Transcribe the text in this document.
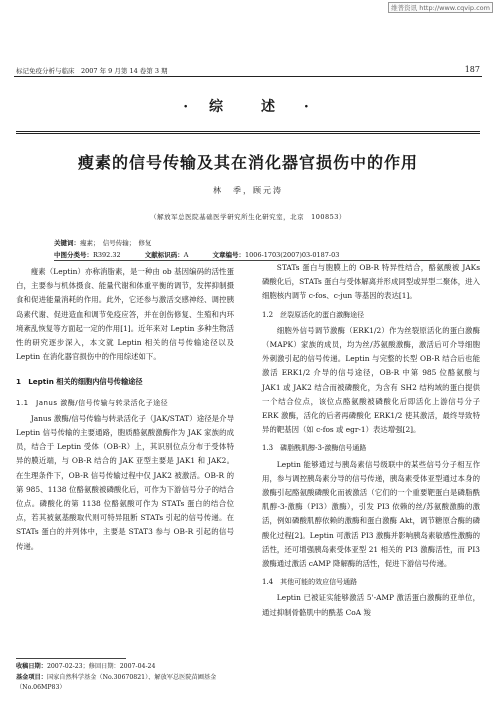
维普资讯 http://www.cqvip.com
标记免疫分析与临床　2007 年 9 月第 14 卷第 3 期	187
· 综　述 ·
瘦素的信号传输及其在消化器官损伤中的作用
林　季，顾元涛
（解放军总医院基础医学研究所生化研究室，北京　100853）
关键词：瘦素；　信号传输；　修复
中图分类号：R392.32	文献标识码：A	文章编号：1006-1703(2007)03-0187-03

瘦素（Leptin）亦称消脂素，是一种由 ob 基因编码的活性蛋白，主要参与机体摄食、能量代谢和体重平衡的调节，发挥抑制摄食和促进能量消耗的作用。此外，它还参与激活交感神经、调控胰岛素代谢、促进造血和调节免疫应答，并在创伤修复、生殖和内环境紊乱恢复等方面起一定的作用[1]。近年来对 Leptin 多种生物活性的研究逐步深入，本文就 Leptin 相关的信号传输途径以及 Leptin 在消化器官损伤中的作用综述如下。

1　Leptin 相关的细胞内信号传输途径

1.1　Janus 激酶/信号传输与转录活化子途径

Janus 激酶/信号传输与转录活化子（JAK/STAT）途径是介导 Leptin 信号传输的主要通路，胞质酪氨酸激酶作为 JAK 家族的成员，结合于 Leptin 受体（OB-R）上，其识别位点分布于受体特异的膜近端，与 OB-R 结合的 JAK 亚型主要是 JAK1 和 JAK2。在生理条件下，OB-R 信号传输过程中仅 JAK2 被激活。OB-R 的第 985、1138 位酪氨酸被磷酸化后，可作为下游信号分子的结合位点。磷酸化的第 1138 位酪氨酸可作为 STATs 蛋白的结合位点，若其被氨基酸取代则可特异阻断 STATs 引起的信号传递。在 STATs 蛋白的并列体中，主要是 STAT3 参与 OB-R 引起的信号传递。

STATs 蛋白与胞膜上的 OB-R 特异性结合，酪氨酸被 JAKs 磷酸化后，STATs 蛋白与受体解离并形成同型或异型二聚体，进入细胞核内调节 c-fos、c-jun 等基因的表达[1]。

1.2　丝裂原活化的蛋白激酶途径

细胞外信号调节激酶（ERK1/2）作为丝裂原活化的蛋白激酶（MAPK）家族的成员，均为丝/苏氨酸激酶，激活后可介导细胞外刺激引起的信号传递。Leptin 与完整的长型 OB-R 结合后也能激活 ERK1/2 介导的信号途径，OB-R 中第 985 位酪氨酸与 JAK1 或 JAK2 结合而被磷酸化，为含有 SH2 结构域的蛋白提供一个结合位点，该位点酪氨酸被磷酸化后即活化上游信号分子 ERK 激酶，活化的后者再磷酸化 ERK1/2 使其激活，最终导致特异的靶基因（如 c-fos 或 egr-1）表达增强[2]。

1.3　磷脂酰肌醇-3-激酶信号通路

Leptin 能够通过与胰岛素信号级联中的某些信号分子相互作用，参与调控胰岛素分导的信号传递，胰岛素受体亚型通过本身的激酶引起酪氨酸磷酸化而被激活（它们的一个重要靶蛋白是磷脂酰肌醇-3-激酶（PI3）激酶），引发 PI3 依赖的丝/苏氨酸激酶的激活，例如磷酸肌醇依赖的激酶和蛋白激酶 Akt，调节糖原合酶的磷酸化过程[2]。Leptin 可激活 PI3 激酶并影响胰岛素敏感性激酶的活性，还可增强胰岛素受体亚型 21 相关的 PI3 激酶活性，而 PI3 激酶通过激活 cAMP 降解酶的活性，促进下游信号传递。

1.4　其他可能的效应信号通路

Leptin 已被证实能够激活 5'-AMP 激活蛋白激酶的亚单位，通过抑制骨骼肌中的酰基 CoA 羧

收稿日期：2007-02-23；修回日期：2007-04-24
基金项目：国家自然科学基金（No.30670821）、解放军总医院苗圃基金（No.06MP83）
